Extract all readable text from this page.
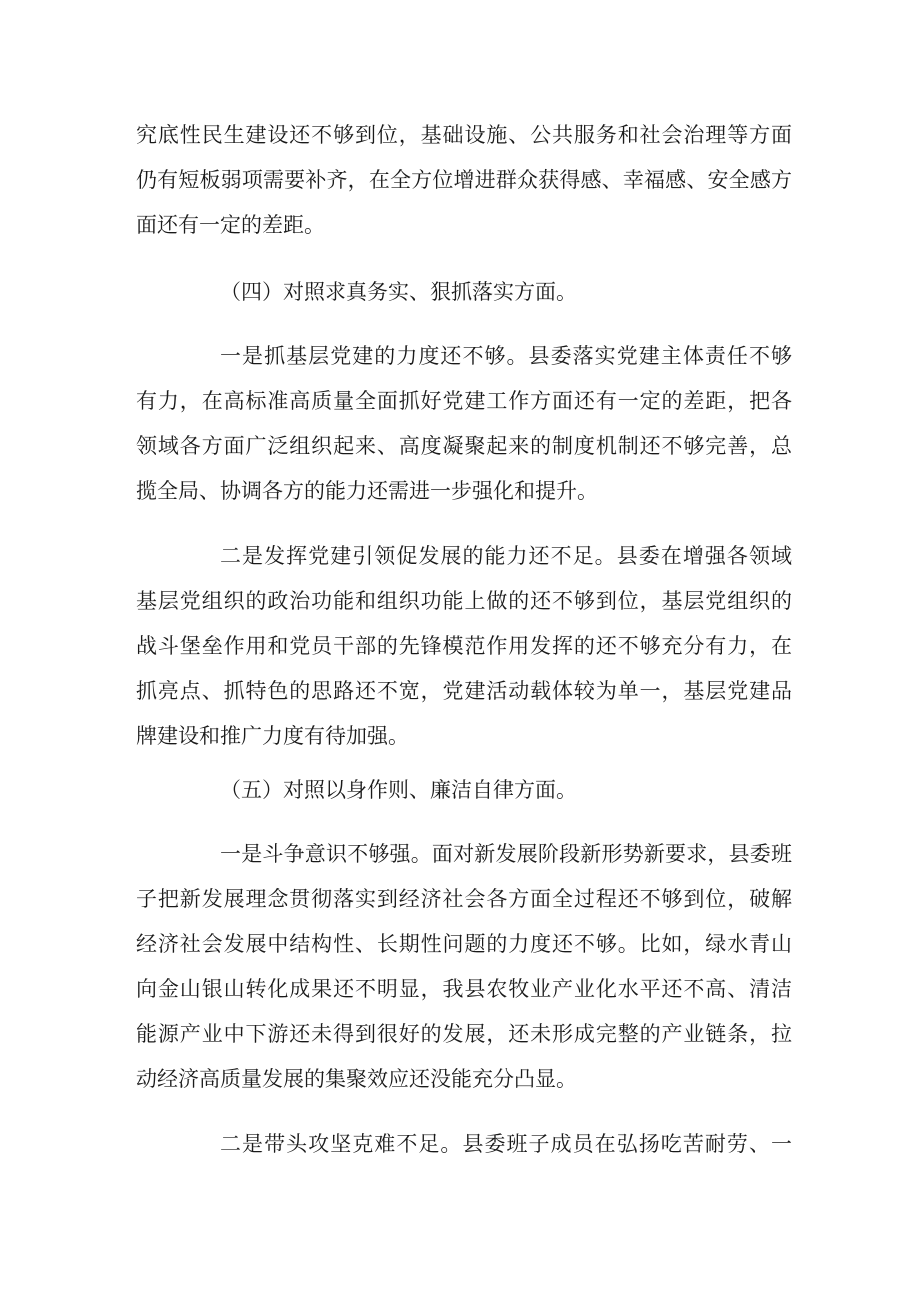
究底性民生建设还不够到位，基础设施、公共服务和社会治理等方面
仍有短板弱项需要补齐，在全方位增进群众获得感、幸福感、安全感方
面还有一定的差距。
（四）对照求真务实、狠抓落实方面。
一是抓基层党建的力度还不够。县委落实党建主体责任不够
有力，在高标准高质量全面抓好党建工作方面还有一定的差距，把各
领域各方面广泛组织起来、高度凝聚起来的制度机制还不够完善，总
揽全局、协调各方的能力还需进一步强化和提升。
二是发挥党建引领促发展的能力还不足。县委在增强各领域
基层党组织的政治功能和组织功能上做的还不够到位，基层党组织的
战斗堡垒作用和党员干部的先锋模范作用发挥的还不够充分有力，在
抓亮点、抓特色的思路还不宽，党建活动载体较为单一，基层党建品
牌建设和推广力度有待加强。
（五）对照以身作则、廉洁自律方面。
一是斗争意识不够强。面对新发展阶段新形势新要求，县委班
子把新发展理念贯彻落实到经济社会各方面全过程还不够到位，破解
经济社会发展中结构性、长期性问题的力度还不够。比如，绿水青山
向金山银山转化成果还不明显，我县农牧业产业化水平还不高、清洁
能源产业中下游还未得到很好的发展，还未形成完整的产业链条，拉
动经济高质量发展的集聚效应还没能充分凸显。
二是带头攻坚克难不足。县委班子成员在弘扬吃苦耐劳、一
